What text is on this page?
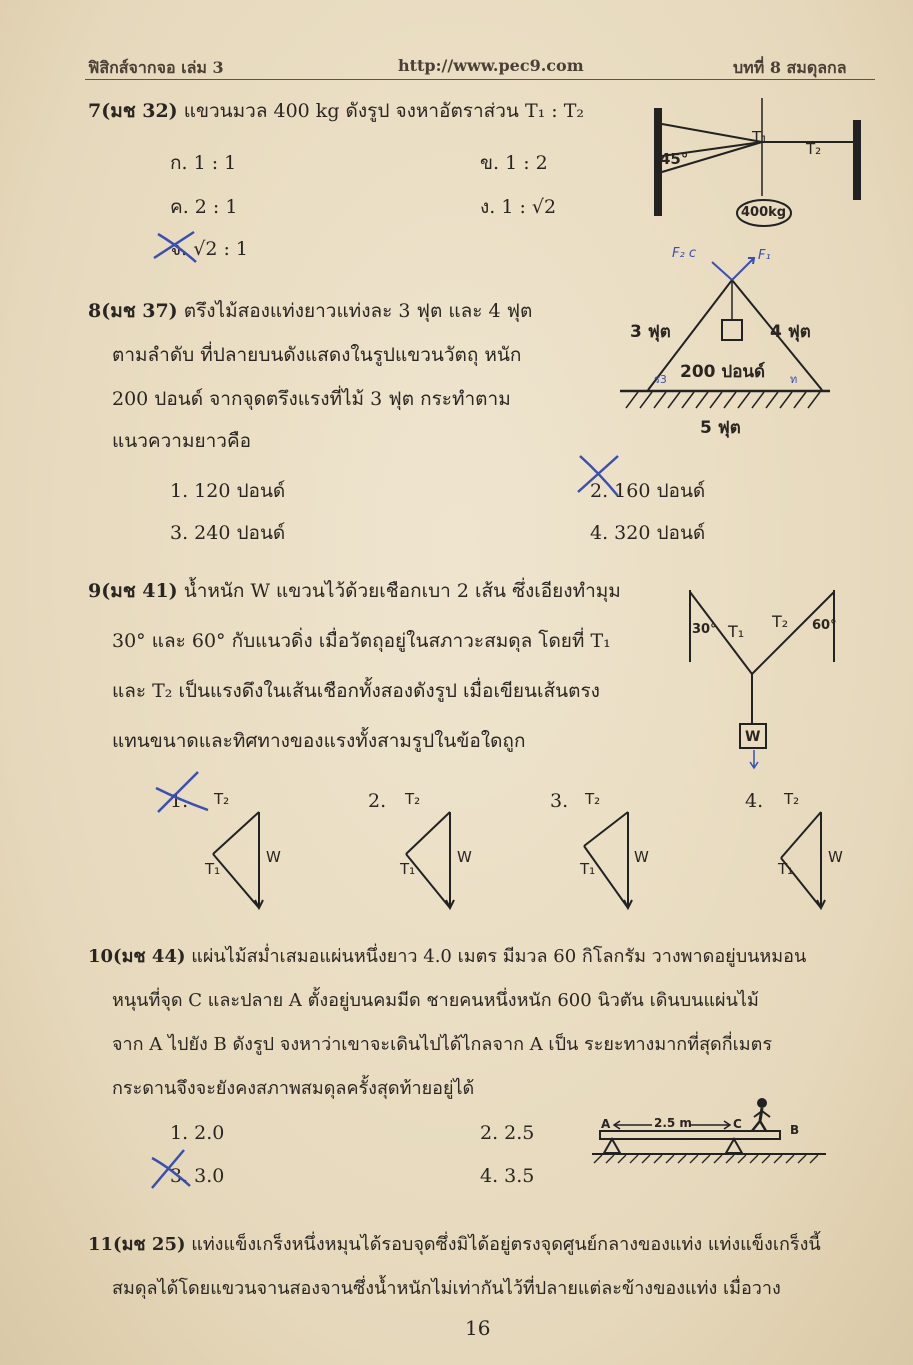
ฟิสิกส์จากจอ เล่ม 3	http://www.pec9.com	บทที่ 8 สมดุลกล
7(มช 32) แขวนมวล 400 kg ดังรูป จงหาอัตราส่วน T₁ : T₂
ก. 1 : 1	ข. 1 : 2
ค. 2 : 1	ง. 1 : √2
จ. √2 : 1
45°
T₁
T₂
400kg
8(มช 37) ตรึงไม้สองแท่งยาวแท่งละ 3 ฟุต และ 4 ฟุต
ตามลำดับ ที่ปลายบนดังแสดงในรูปแขวนวัตถุ หนัก
200 ปอนด์ จากจุดตรึงแรงที่ไม้ 3 ฟุต กระทำตาม
แนวความยาวคือ
1. 120 ปอนด์	2. 160 ปอนด์
3. 240 ปอนด์	4. 320 ปอนด์
3 ฟุต	4 ฟุต
200 ปอนด์
5 ฟุต
F₂ c	F₁
ร3	ท
9(มช 41) น้ำหนัก W แขวนไว้ด้วยเชือกเบา 2 เส้น ซึ่งเอียงทำมุม
30° และ 60° กับแนวดิ่ง เมื่อวัตถุอยู่ในสภาวะสมดุล โดยที่ T₁
และ T₂ เป็นแรงดึงในเส้นเชือกทั้งสองดังรูป เมื่อเขียนเส้นตรง
แทนขนาดและทิศทางของแรงทั้งสามรูปในข้อใดถูก
30°	60°
T₁
T₂
W
1.	2.	3.	4.
T₂
T₁
W
T₂
T₁
W
T₂
T₁
W
T₂
T₁
W
10(มช 44) แผ่นไม้สม่ำเสมอแผ่นหนึ่งยาว 4.0 เมตร มีมวล 60 กิโลกรัม วางพาดอยู่บนหมอน
หนุนที่จุด C และปลาย A ตั้งอยู่บนคมมีด ชายคนหนึ่งหนัก 600 นิวตัน เดินบนแผ่นไม้
จาก A ไปยัง B ดังรูป จงหาว่าเขาจะเดินไปได้ไกลจาก A เป็น ระยะทางมากที่สุดกี่เมตร
กระดานจึงจะยังคงสภาพสมดุลครั้งสุดท้ายอยู่ได้
1. 2.0	2. 2.5
3. 3.0	4. 3.5
A	2.5 m	C	B
11(มช 25) แท่งแข็งเกร็งหนึ่งหมุนได้รอบจุดซึ่งมิได้อยู่ตรงจุดศูนย์กลางของแท่ง แท่งแข็งเกร็งนี้
สมดุลได้โดยแขวนจานสองจานซึ่งน้ำหนักไม่เท่ากันไว้ที่ปลายแต่ละข้างของแท่ง เมื่อวาง
16
